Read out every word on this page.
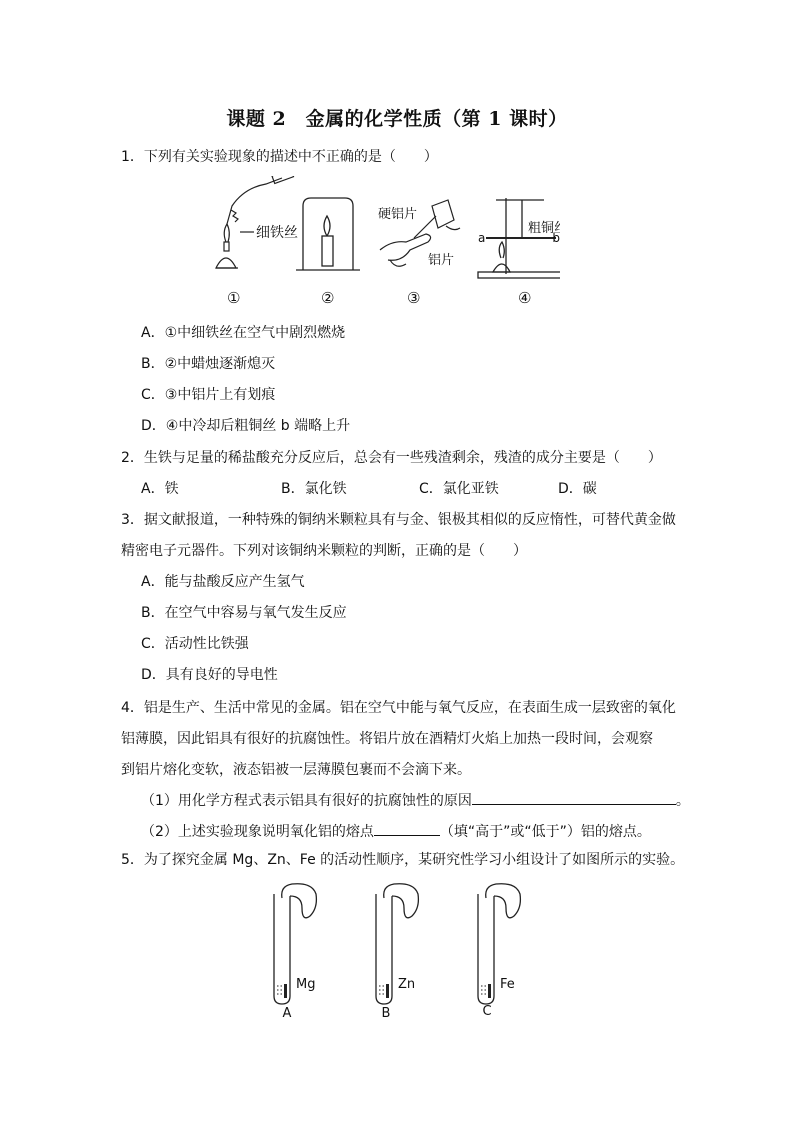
课题 2　金属的化学性质（第 1 课时）
1．下列有关实验现象的描述中不正确的是（　　）
细铁丝
硬铝片
铝片
粗铜
a	b
①	②	③	④
A．①中细铁丝在空气中剧烈燃烧
B．②中蜡烛逐渐熄灭
C．③中铝片上有划痕
D．④中冷却后粗铜丝 b 端略上升
2．生铁与足量的稀盐酸充分反应后，总会有一些残渣剩余，残渣的成分主要是（　　）
A．铁	B．氯化铁	C．氯化亚铁	D．碳
3．据文献报道，一种特殊的铜纳米颗粒具有与金、银极其相似的反应惰性，可替代黄金做
精密电子元器件。下列对该铜纳米颗粒的判断，正确的是（　　）
A．能与盐酸反应产生氢气
B．在空气中容易与氧气发生反应
C．活动性比铁强
D．具有良好的导电性
4．铝是生产、生活中常见的金属。铝在空气中能与氧气反应，在表面生成一层致密的氧化
铝薄膜，因此铝具有很好的抗腐蚀性。将铝片放在酒精灯火焰上加热一段时间，会观察
到铝片熔化变软，液态铝被一层薄膜包裹而不会滴下来。
（1）用化学方程式表示铝具有很好的抗腐蚀性的原因	。
（2）上述实验现象说明氧化铝的熔点	（填“高于”或“低于”）铝的熔点。
5．为了探究金属 Mg、Zn、Fe 的活动性顺序，某研究性学习小组设计了如图所示的实验。
Mg	Zn	Fe
A	B	C
